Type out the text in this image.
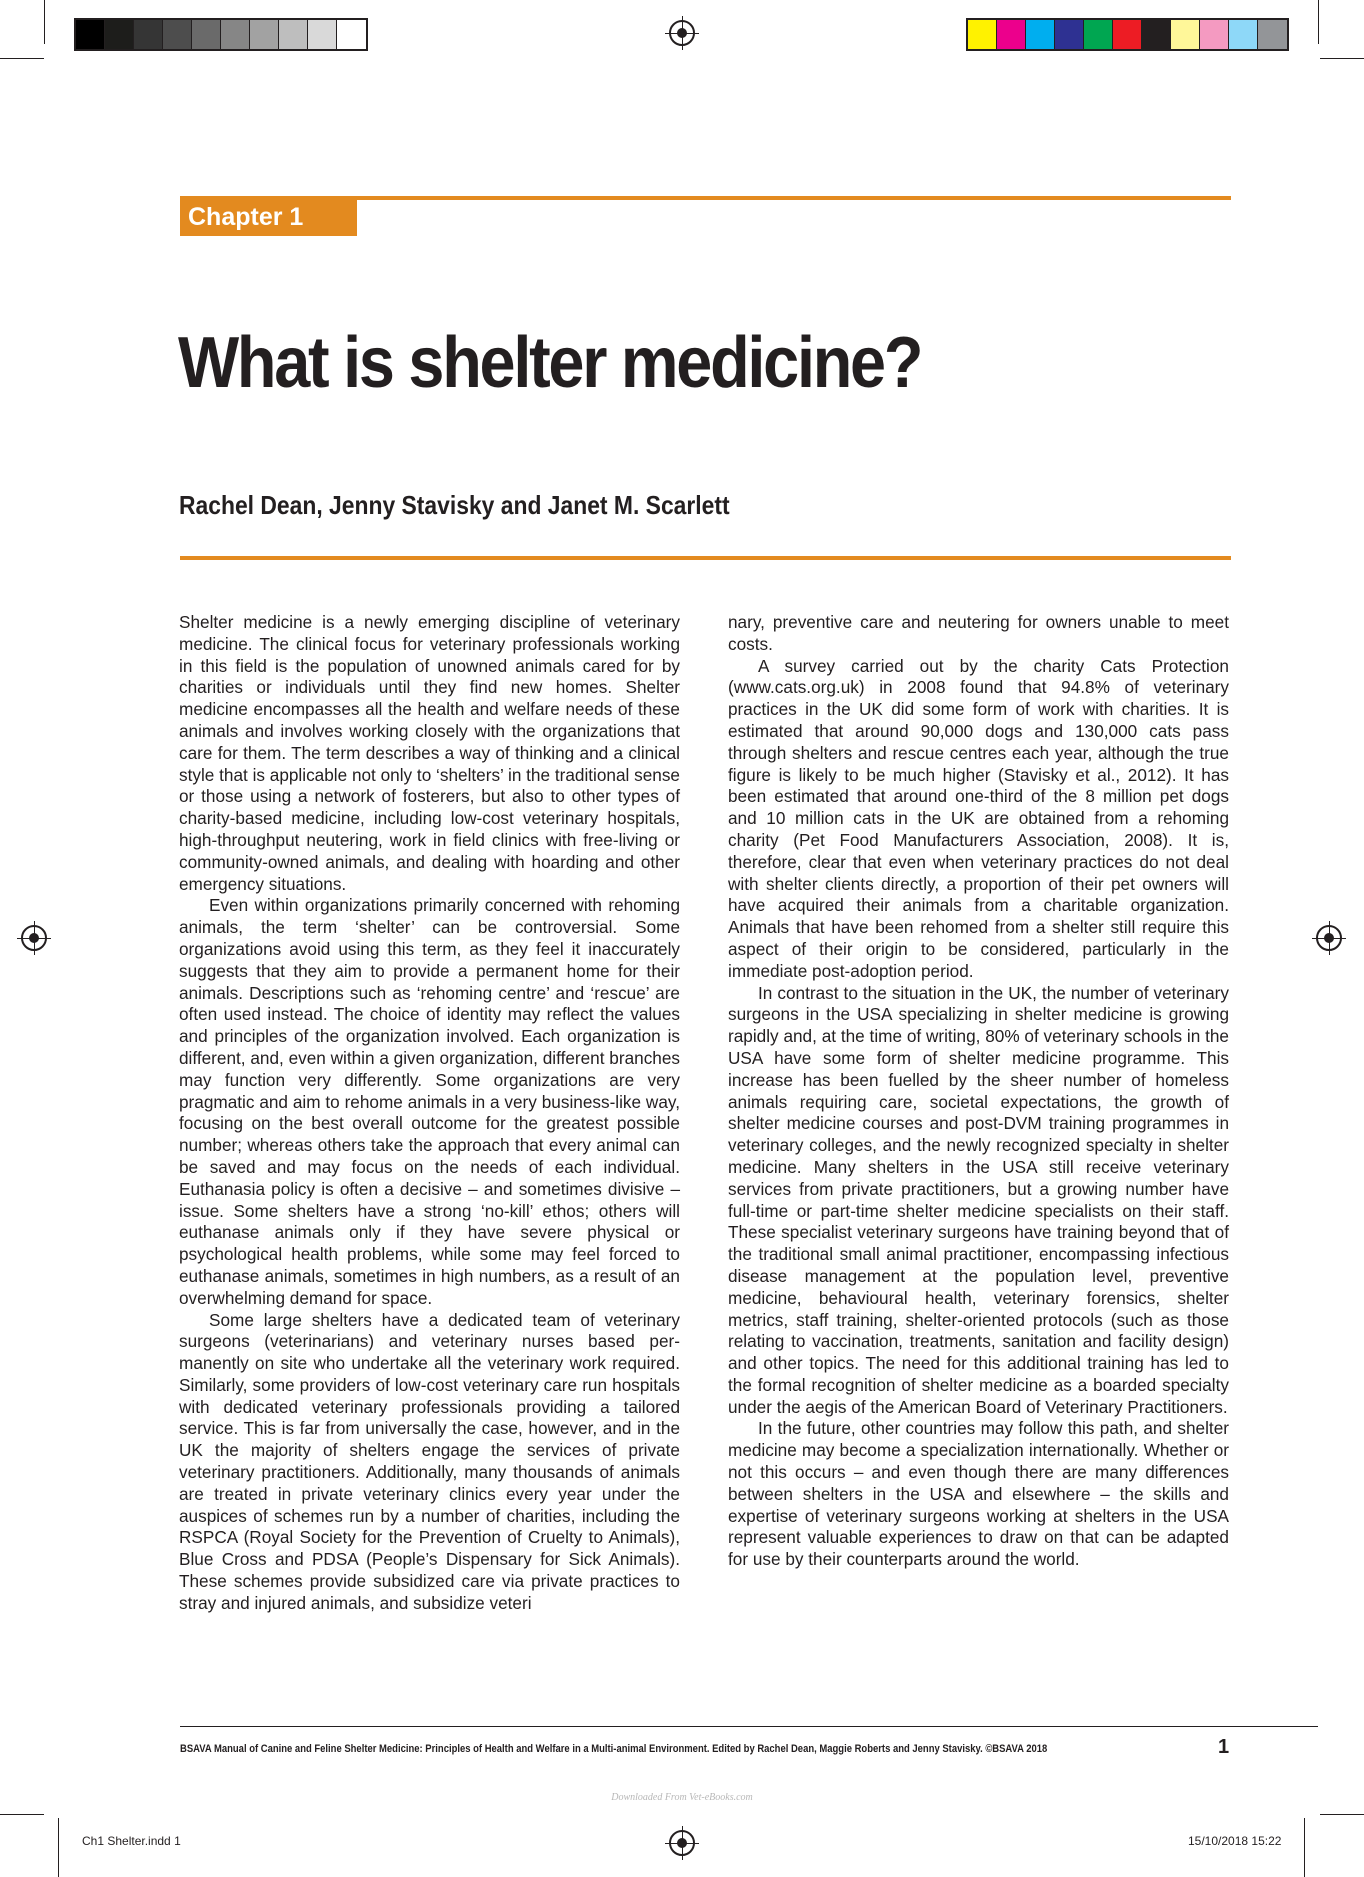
Chapter 1
What is shelter medicine?
Rachel Dean, Jenny Stavisky and Janet M. Scarlett

Shelter medicine is a newly emerging discipline of veterinary medicine. The clinical focus for veterinary professionals working in this field is the population of unowned animals cared for by charities or individuals until they find new homes. Shelter medicine encompasses all the health and welfare needs of these animals and involves working closely with the organizations that care for them. The term describes a way of thinking and a clinical style that is applicable not only to ‘shelters’ in the traditional sense or those using a network of fosterers, but also to other types of charity-based medicine, including low-cost veterinary hospitals, high-throughput neutering, work in field clinics with free-living or community-owned animals, and dealing with hoarding and other emergency situations.

Even within organizations primarily concerned with rehoming animals, the term ‘shelter’ can be controversial. Some organizations avoid using this term, as they feel it inaccurately suggests that they aim to provide a permanent home for their animals. Descriptions such as ‘rehoming centre’ and ‘rescue’ are often used instead. The choice of identity may reflect the values and principles of the organization involved. Each organization is different, and, even within a given organization, different branches may function very differently. Some organizations are very pragmatic and aim to rehome animals in a very business-like way, focusing on the best overall outcome for the greatest possible number; whereas others take the approach that every animal can be saved and may focus on the needs of each individual. Euthanasia policy is often a decisive – and sometimes divisive – issue. Some shelters have a strong ‘no-kill’ ethos; others will euthanase animals only if they have severe physical or psychological health problems, while some may feel forced to euthanase animals, sometimes in high numbers, as a result of an overwhelming demand for space.

Some large shelters have a dedicated team of veterinary surgeons (veterinarians) and veterinary nurses based permanently on site who undertake all the veterinary work required. Similarly, some providers of low-cost veterinary care run hospitals with dedicated veterinary professionals providing a tailored service. This is far from universally the case, however, and in the UK the majority of shelters engage the services of private veterinary practitioners. Additionally, many thousands of animals are treated in private veterinary clinics every year under the auspices of schemes run by a number of charities, including the RSPCA (Royal Society for the Prevention of Cruelty to Animals), Blue Cross and PDSA (People’s Dispensary for Sick Animals). These schemes provide subsidized care via private practices to stray and injured animals, and subsidize veteri

nary, preventive care and neutering for owners unable to meet costs.

A survey carried out by the charity Cats Protection (www.cats.org.uk) in 2008 found that 94.8% of veterinary practices in the UK did some form of work with charities. It is estimated that around 90,000 dogs and 130,000 cats pass through shelters and rescue centres each year, although the true figure is likely to be much higher (Stavisky et al., 2012). It has been estimated that around one-third of the 8 million pet dogs and 10 million cats in the UK are obtained from a rehoming charity (Pet Food Manufacturers Association, 2008). It is, therefore, clear that even when veterinary practices do not deal with shelter clients directly, a proportion of their pet owners will have acquired their animals from a charitable organization. Animals that have been rehomed from a shelter still require this aspect of their origin to be considered, particularly in the immediate post-adoption period.

In contrast to the situation in the UK, the number of veterinary surgeons in the USA specializing in shelter medicine is growing rapidly and, at the time of writing, 80% of veterinary schools in the USA have some form of shelter medicine programme. This increase has been fuelled by the sheer number of homeless animals requiring care, societal expectations, the growth of shelter medicine courses and post-DVM training programmes in veterinary colleges, and the newly recognized specialty in shelter medicine. Many shelters in the USA still receive veterinary services from private practitioners, but a growing number have full-time or part-time shelter medicine specialists on their staff. These specialist veterinary surgeons have training beyond that of the traditional small animal practitioner, encompassing infectious disease management at the population level, preventive medicine, behavioural health, veterinary forensics, shelter metrics, staff training, shelter-oriented protocols (such as those relating to vaccination, treatments, sanitation and facility design) and other topics. The need for this additional training has led to the formal recognition of shelter medicine as a boarded specialty under the aegis of the American Board of Veterinary Practitioners.

In the future, other countries may follow this path, and shelter medicine may become a specialization internationally. Whether or not this occurs – and even though there are many differences between shelters in the USA and elsewhere – the skills and expertise of veterinary surgeons working at shelters in the USA represent valuable experiences to draw on that can be adapted for use by their counterparts around the world.

BSAVA Manual of Canine and Feline Shelter Medicine: Principles of Health and Welfare in a Multi-animal Environment. Edited by Rachel Dean, Maggie Roberts and Jenny Stavisky. ©BSAVA 2018	1
Downloaded From Vet-eBooks.com
Ch1 Shelter.indd 1	15/10/2018 15:22
